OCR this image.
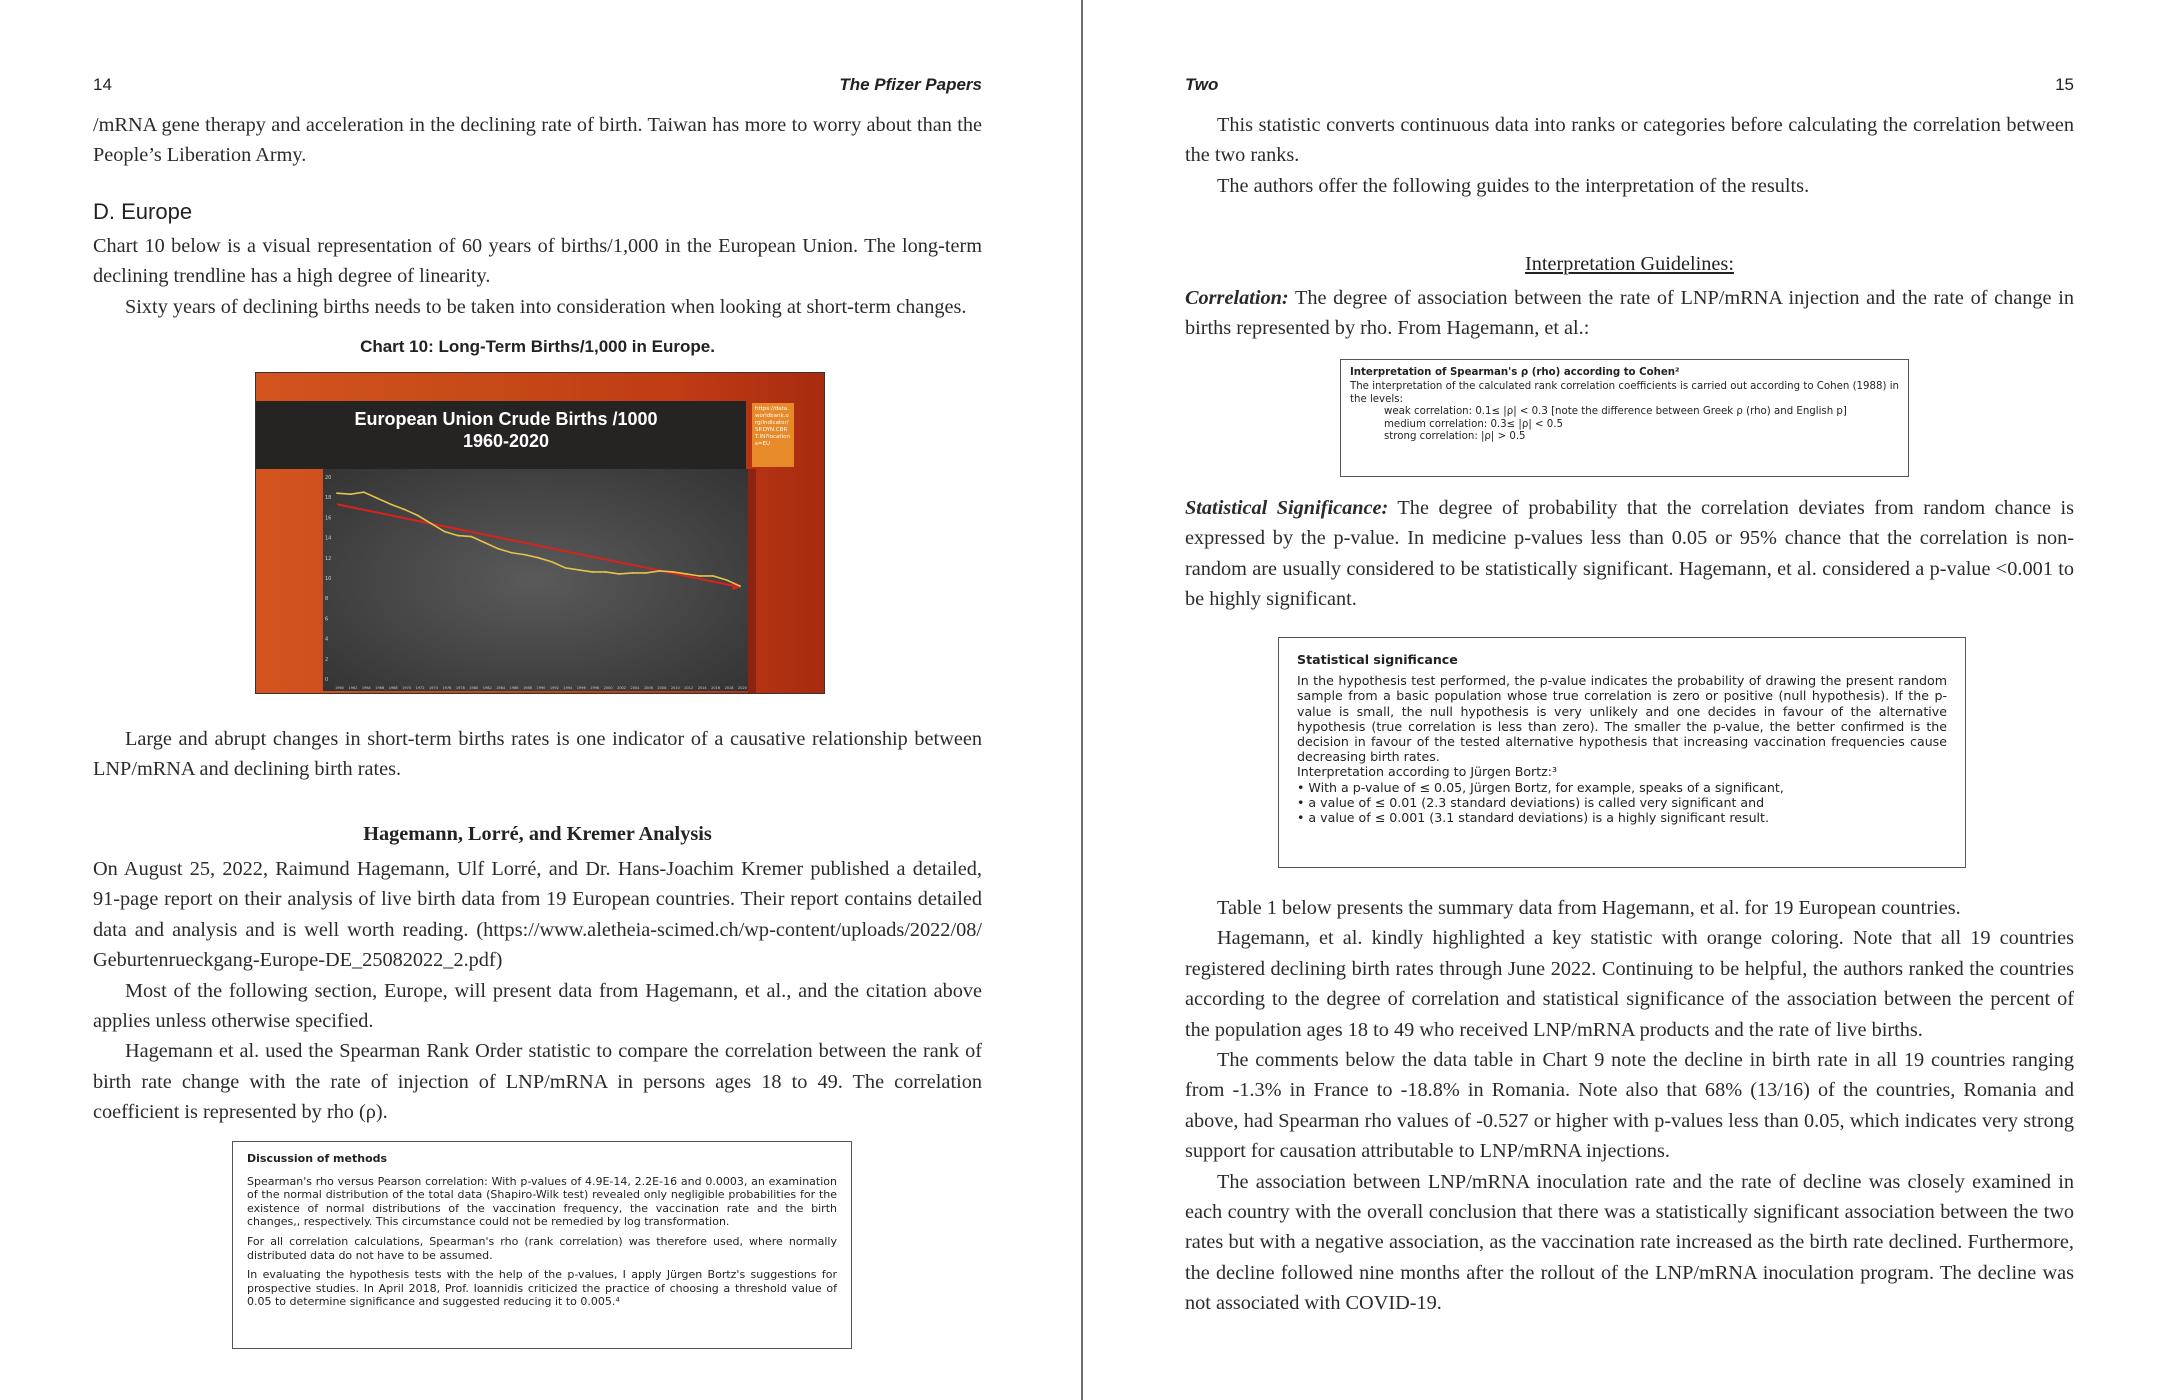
14	The Pfizer Papers

/mRNA gene therapy and acceleration in the declining rate of birth. Taiwan has more to worry about than the People’s Liberation Army.

D. Europe

Chart 10 below is a visual representation of 60 years of births/1,000 in the European Union. The long-term declining trendline has a high degree of linearity.

Sixty years of declining births needs to be taken into consideration when looking at short-term changes.

Chart 10: Long-Term Births/1,000 in Europe.
European Union Crude Births /1000
1960-2020
https://data.worldbank.org/indicator/SP.DYN.CBRT.IN?locations=EU
0
2
4
6
8
10
12
14
16
18
20
1960 1962 1964 1966 1968 1970 1972 1974 1976 1978 1980 1982 1984 1986 1988 1990 1992 1994 1996 1998 2000 2002 2004 2006 2008 2010 2012 2014 2016 2018 2020

Large and abrupt changes in short-term births rates is one indicator of a causative relationship between LNP/mRNA and declining birth rates.

Hagemann, Lorré, and Kremer Analysis

On August 25, 2022, Raimund Hagemann, Ulf Lorré, and Dr. Hans-Joachim Kremer published a detailed, 91-page report on their analysis of live birth data from 19 European countries. Their report contains detailed data and analysis and is well worth reading. (https://www.aletheia-scimed.ch/wp-content/uploads/2022/08/ Geburtenrueckgang-Europe-DE_25082022_2.pdf)

Most of the following section, Europe, will present data from Hagemann, et al., and the citation above applies unless otherwise specified.

Hagemann et al. used the Spearman Rank Order statistic to compare the correlation between the rank of birth rate change with the rate of injection of LNP/mRNA in persons ages 18 to 49. The correlation coefficient is represented by rho (ρ).

Discussion of methods

Spearman's rho versus Pearson correlation: With p-values of 4.9E-14, 2.2E-16 and 0.0003, an examination of the normal distribution of the total data (Shapiro-Wilk test) revealed only negligible probabilities for the existence of normal distributions of the vaccination frequency, the vaccination rate and the birth changes,, respectively. This circumstance could not be remedied by log transformation.

For all correlation calculations, Spearman's rho (rank correlation) was therefore used, where normally distributed data do not have to be assumed.

In evaluating the hypothesis tests with the help of the p-values, I apply Jürgen Bortz's suggestions for prospective studies. In April 2018, Prof. Ioannidis criticized the practice of choosing a threshold value of 0.05 to determine significance and suggested reducing it to 0.005.⁴

Two	15

This statistic converts continuous data into ranks or categories before calculating the correlation between the two ranks.

The authors offer the following guides to the interpretation of the results.

Interpretation Guidelines:

Correlation: The degree of association between the rate of LNP/mRNA injection and the rate of change in births represented by rho. From Hagemann, et al.:

Interpretation of Spearman's ρ (rho) according to Cohen²

The interpretation of the calculated rank correlation coefficients is carried out according to Cohen (1988) in the levels:

weak correlation: 0.1≤ |ρ| < 0.3 [note the difference between Greek ρ (rho) and English p]

medium correlation: 0.3≤ |ρ| < 0.5

strong correlation: |ρ| > 0.5

Statistical Significance: The degree of probability that the correlation deviates from random chance is expressed by the p-value. In medicine p-values less than 0.05 or 95% chance that the correlation is non-random are usually considered to be statistically significant. Hagemann, et al. considered a p-value <0.001 to be highly significant.

Statistical significance

In the hypothesis test performed, the p-value indicates the probability of drawing the present random sample from a basic population whose true correlation is zero or positive (null hypothesis). If the p-value is small, the null hypothesis is very unlikely and one decides in favour of the alternative hypothesis (true correlation is less than zero). The smaller the p-value, the better confirmed is the decision in favour of the tested alternative hypothesis that increasing vaccination frequencies cause decreasing birth rates.

Interpretation according to Jürgen Bortz:³

• With a p-value of ≤ 0.05, Jürgen Bortz, for example, speaks of a significant,

• a value of ≤ 0.01 (2.3 standard deviations) is called very significant and

• a value of ≤ 0.001 (3.1 standard deviations) is a highly significant result.

Table 1 below presents the summary data from Hagemann, et al. for 19 European countries.

Hagemann, et al. kindly highlighted a key statistic with orange coloring. Note that all 19 countries registered declining birth rates through June 2022. Continuing to be helpful, the authors ranked the countries according to the degree of correlation and statistical significance of the association between the percent of the population ages 18 to 49 who received LNP/mRNA products and the rate of live births.

The comments below the data table in Chart 9 note the decline in birth rate in all 19 countries ranging from -1.3% in France to -18.8% in Romania. Note also that 68% (13/16) of the countries, Romania and above, had Spearman rho values of -0.527 or higher with p-values less than 0.05, which indicates very strong support for causation attributable to LNP/mRNA injections.

The association between LNP/mRNA inoculation rate and the rate of decline was closely examined in each country with the overall conclusion that there was a statistically significant association between the two rates but with a negative association, as the vaccination rate increased as the birth rate declined. Furthermore, the decline followed nine months after the rollout of the LNP/mRNA inoculation program. The decline was not associated with COVID-19.
